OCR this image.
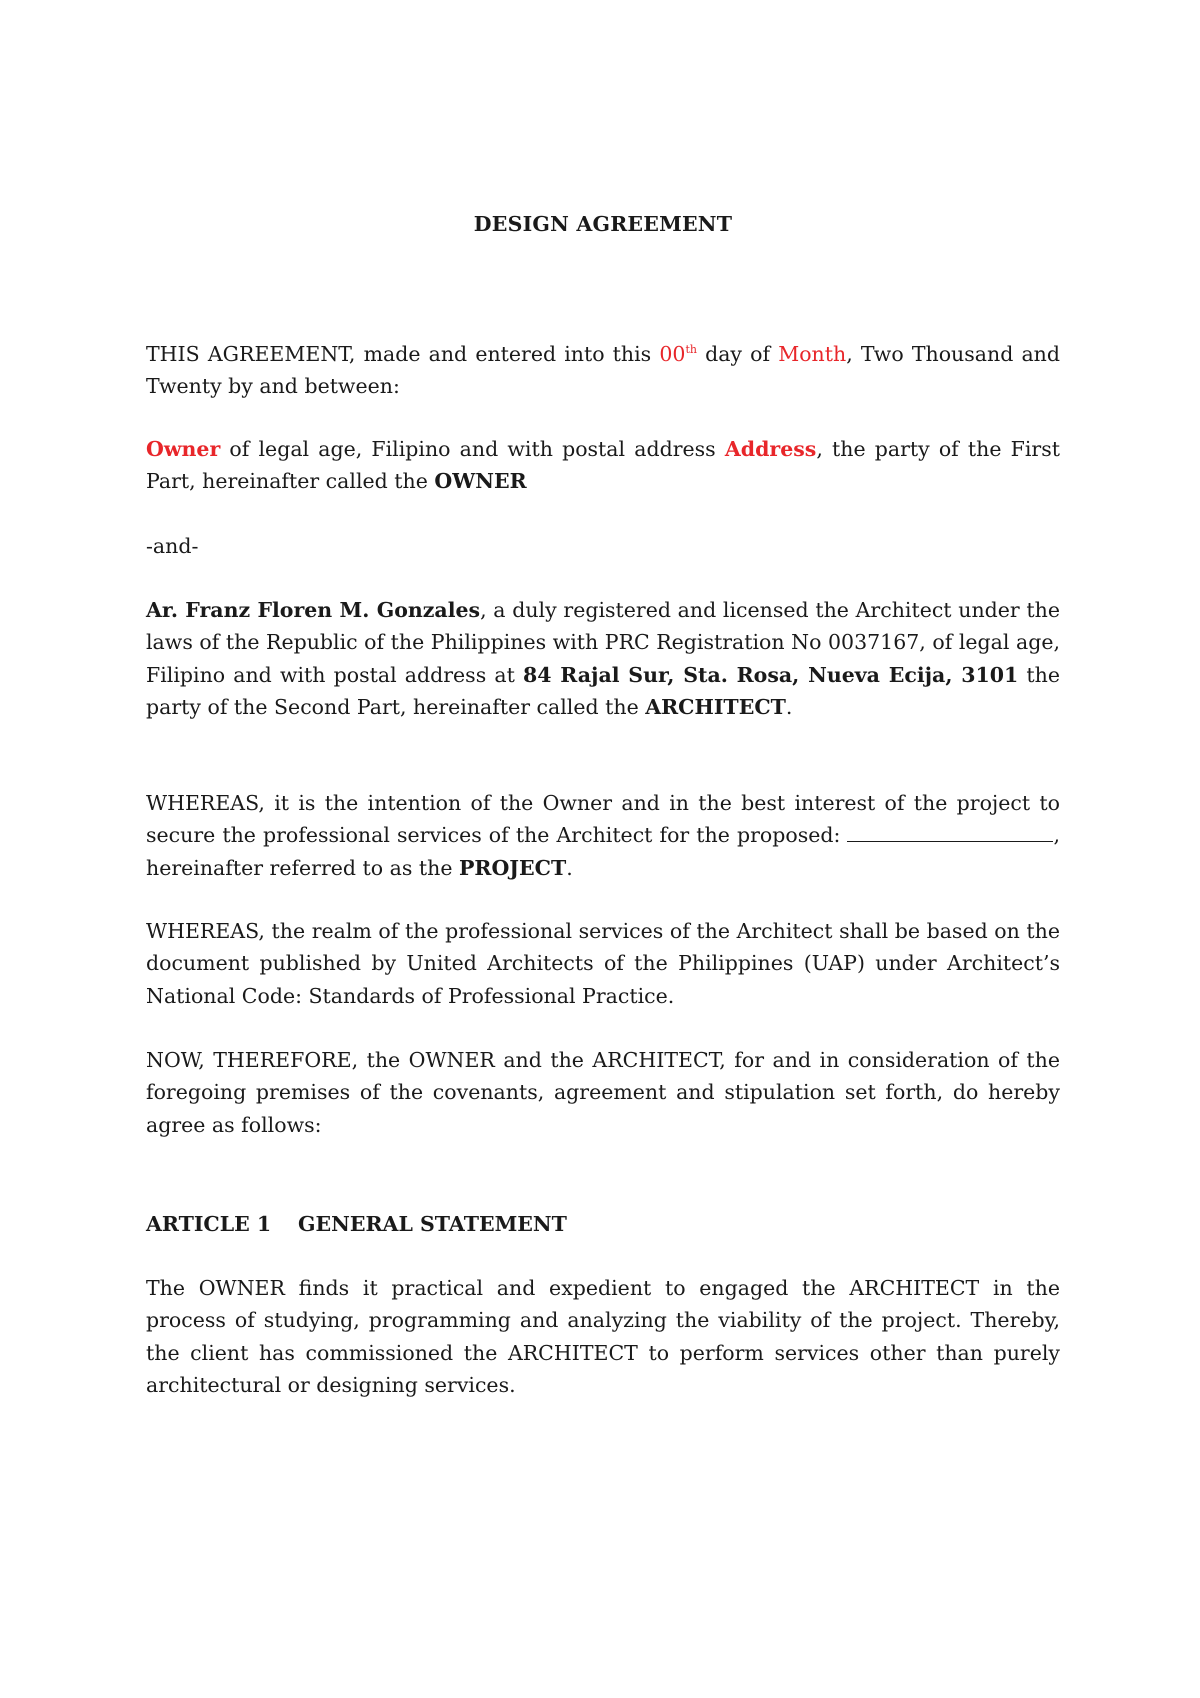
DESIGN AGREEMENT

THIS AGREEMENT, made and entered into this 00th day of Month, Two Thousand and Twenty by and between:

Owner of legal age, Filipino and with postal address Address, the party of the First Part, hereinafter called the OWNER

-and-

Ar. Franz Floren M. Gonzales, a duly registered and licensed the Architect under the laws of the Republic of the Philippines with PRC Registration No 0037167, of legal age, Filipino and with postal address at 84 Rajal Sur, Sta. Rosa, Nueva Ecija, 3101 the party of the Second Part, hereinafter called the ARCHITECT.

WHEREAS, it is the intention of the Owner and in the best interest of the project to secure the professional services of the Architect for the proposed:	, hereinafter referred to as the PROJECT.

WHEREAS, the realm of the professional services of the Architect shall be based on the document published by United Architects of the Philippines (UAP) under Architect’s National Code: Standards of Professional Practice.

NOW, THEREFORE, the OWNER and the ARCHITECT, for and in consideration of the foregoing premises of the covenants, agreement and stipulation set forth, do hereby agree as follows:

ARTICLE 1 GENERAL STATEMENT

The OWNER finds it practical and expedient to engaged the ARCHITECT in the process of studying, programming and analyzing the viability of the project. Thereby, the client has commissioned the ARCHITECT to perform services other than purely architectural or designing services.
